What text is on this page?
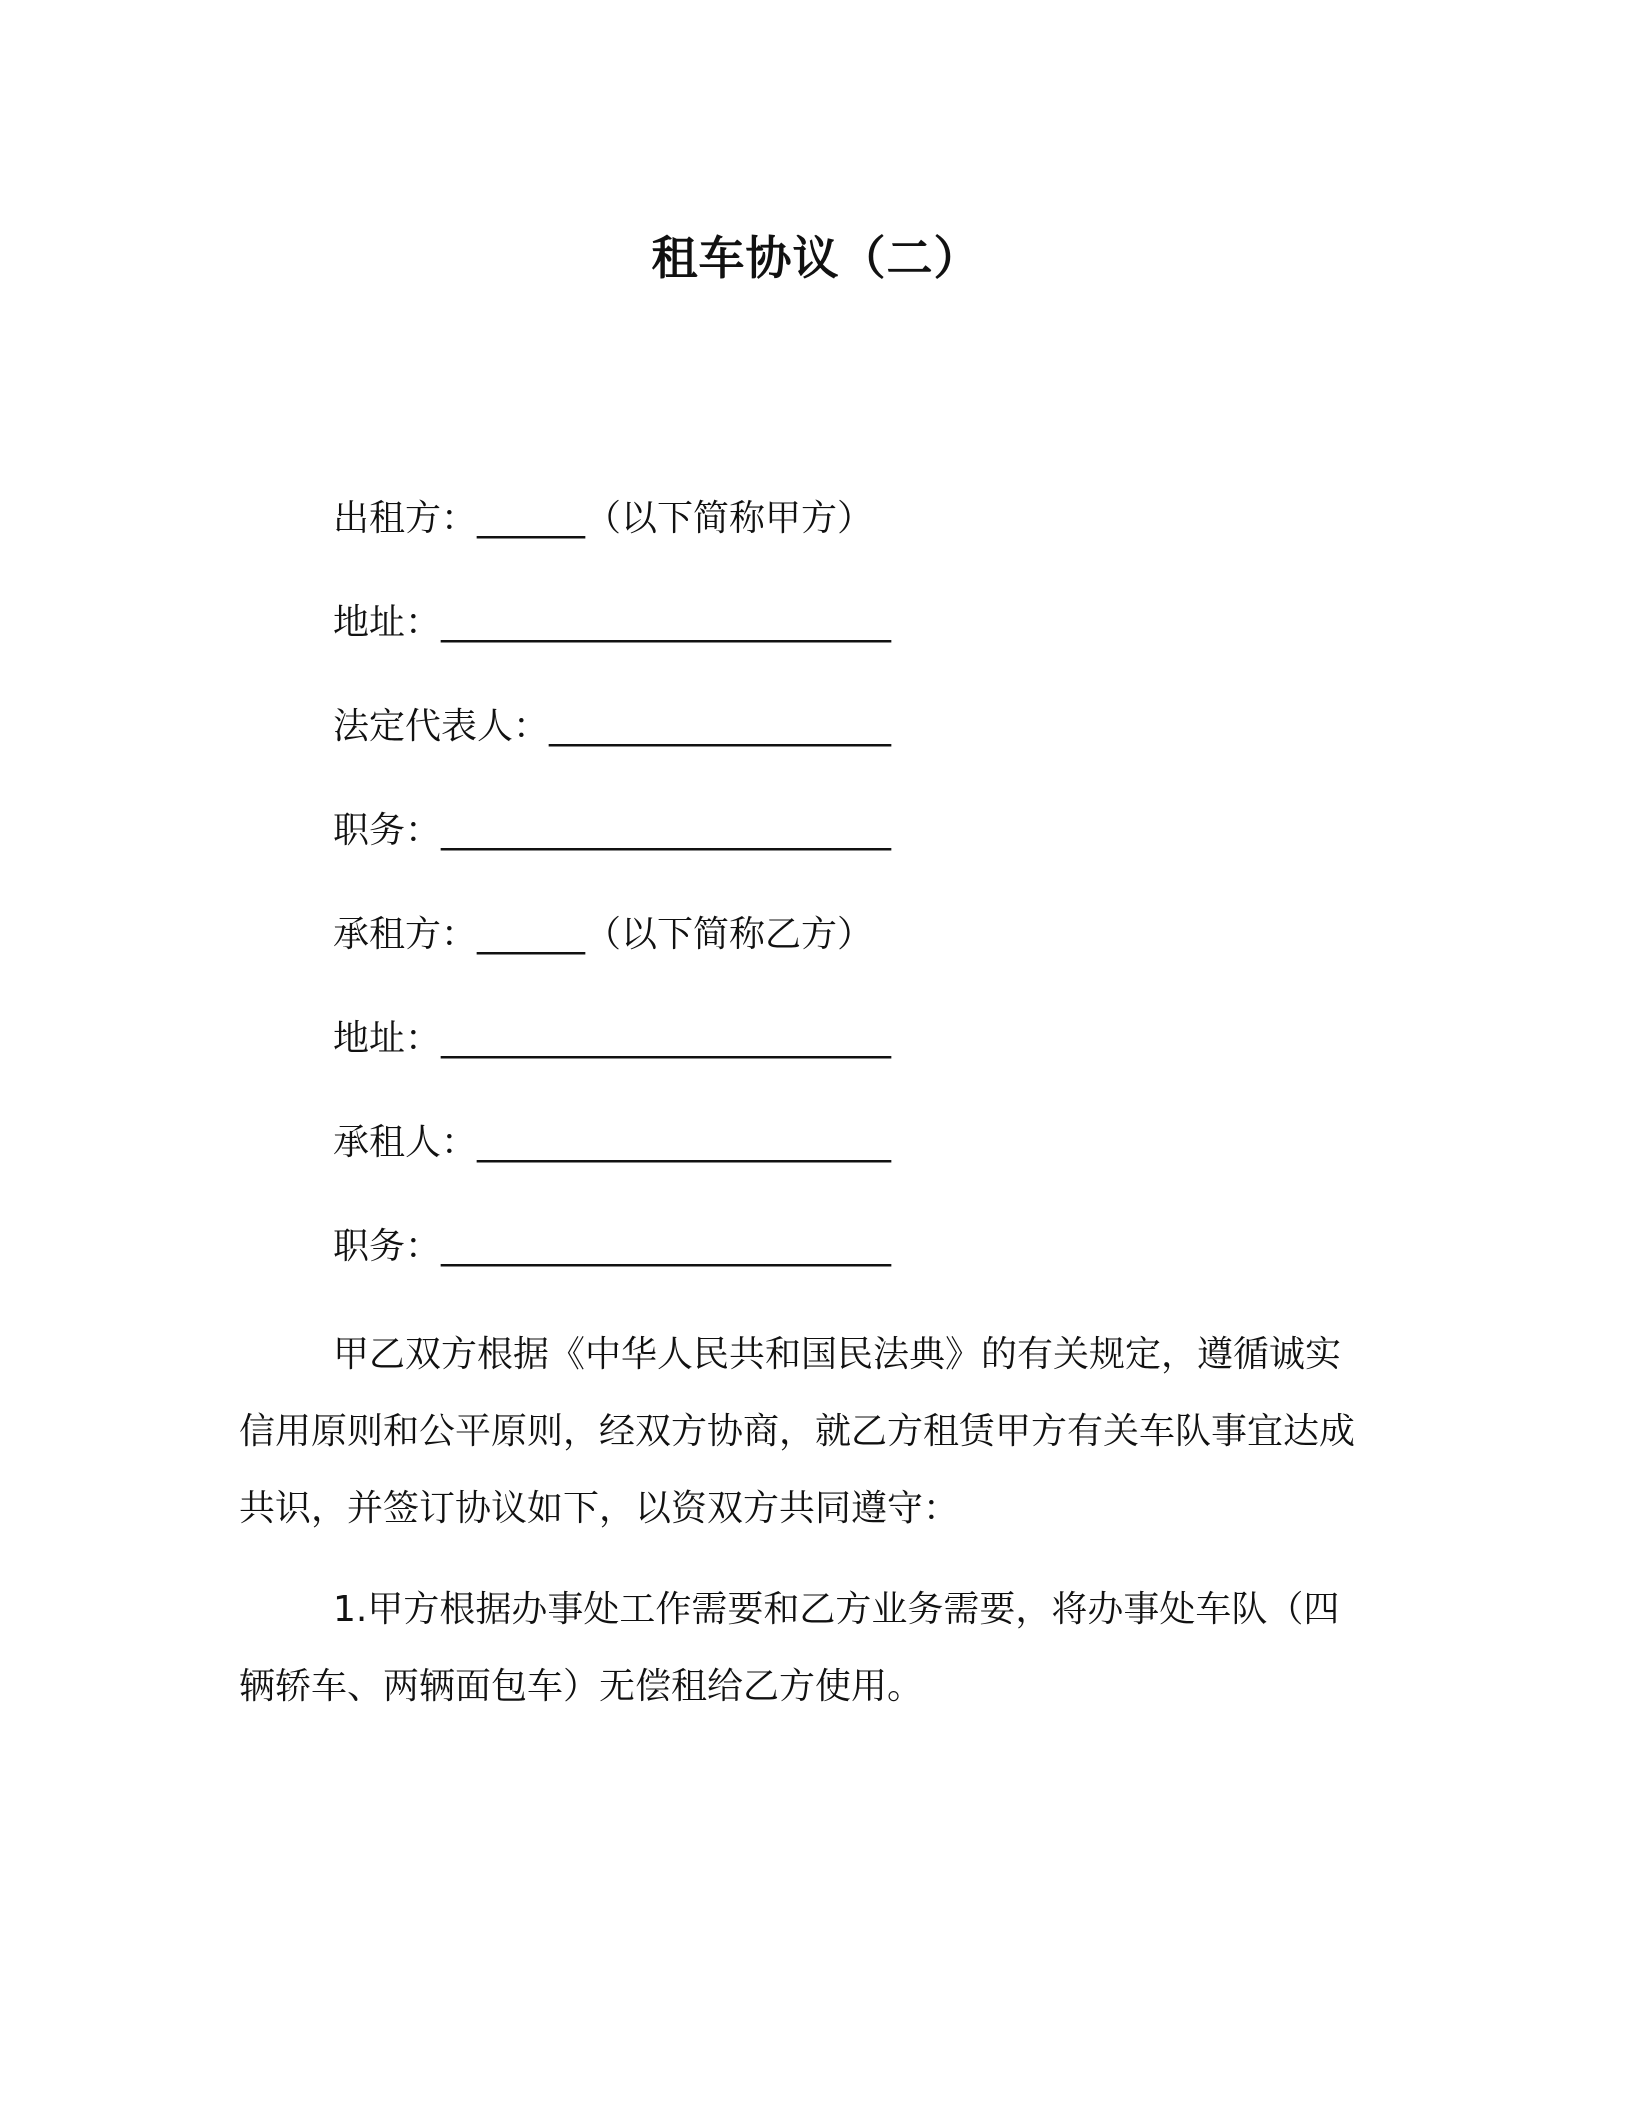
租车协议（二）
出租方：______（以下简称甲方）
地址：_________________________
法定代表人：___________________
职务：_________________________
承租方：______（以下简称乙方）
地址：_________________________
承租人：_______________________
职务：_________________________

甲乙双方根据《中华人民共和国民法典》的有关规定，遵循诚实信用原则和公平原则，经双方协商，就乙方租赁甲方有关车队事宜达成共识，并签订协议如下，以资双方共同遵守：

1.甲方根据办事处工作需要和乙方业务需要，将办事处车队（四辆轿车、两辆面包车）无偿租给乙方使用。
